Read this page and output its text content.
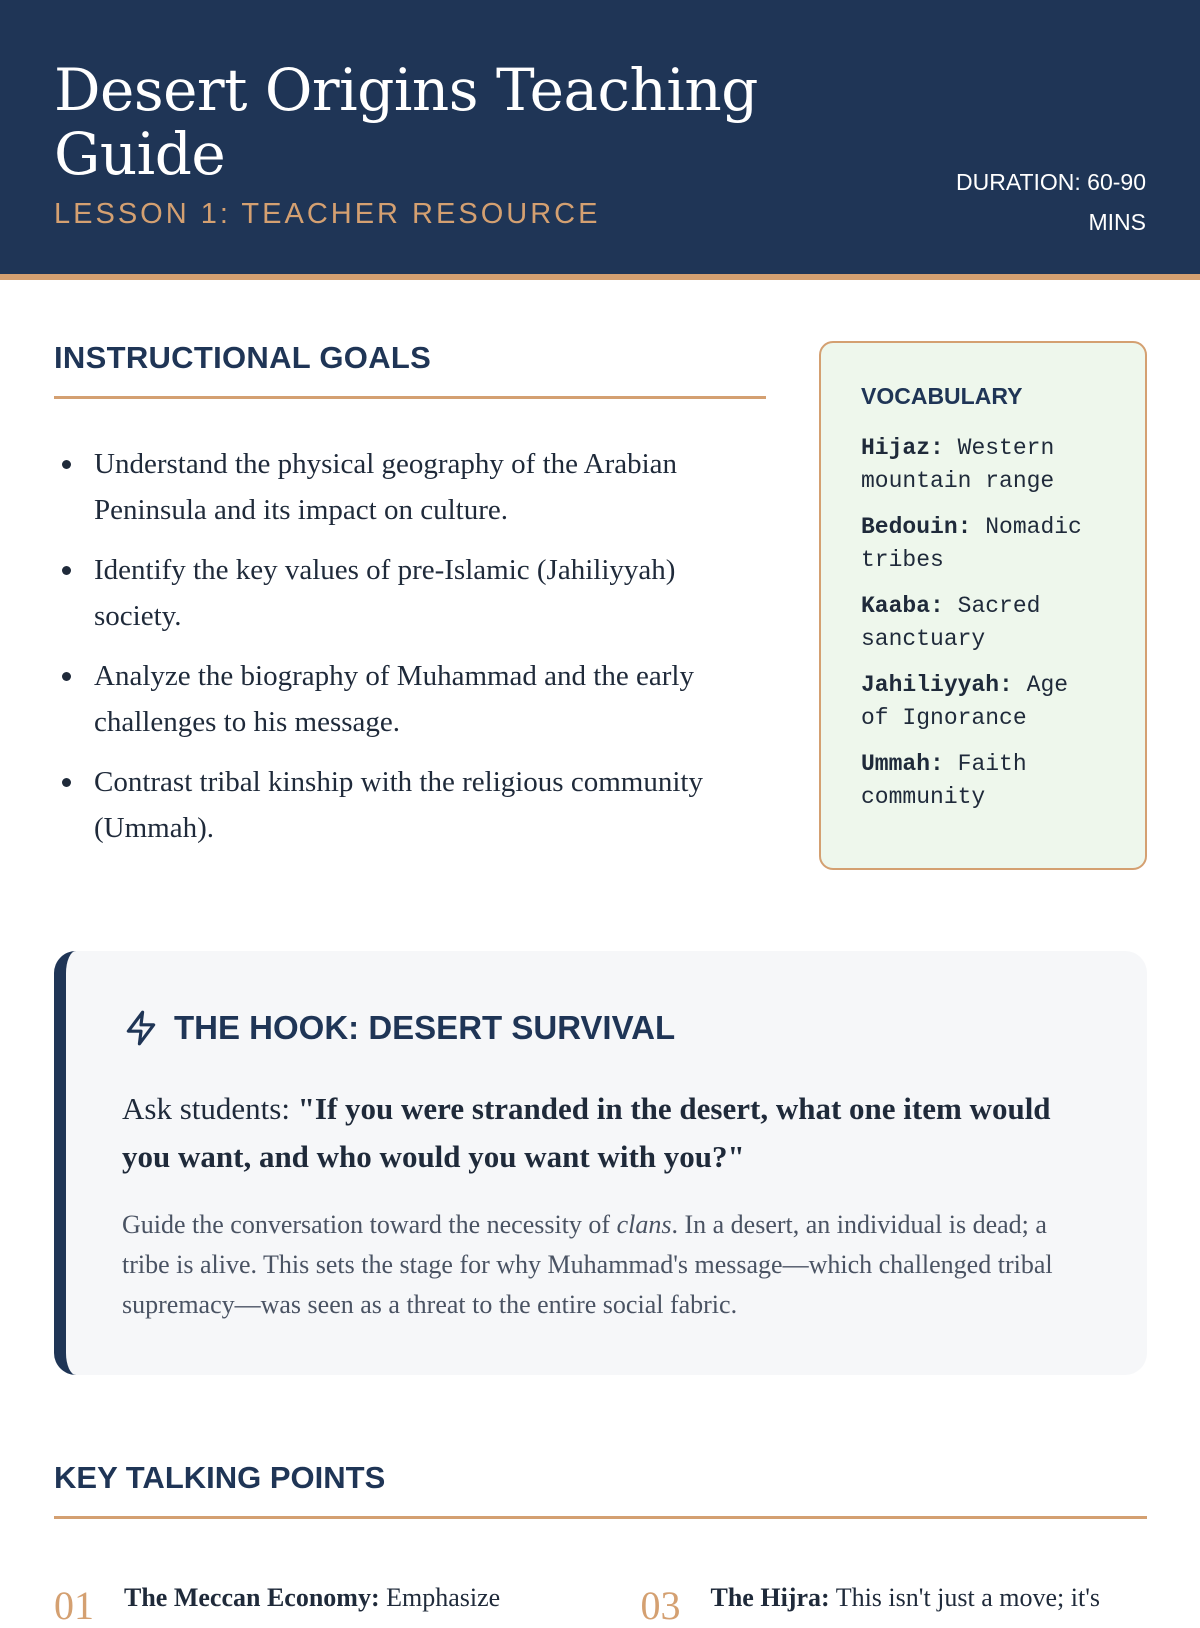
Desert Origins Teaching Guide
LESSON 1: TEACHER RESOURCE
DURATION: 60-90 MINS
INSTRUCTIONAL GOALS
Understand the physical geography of the Arabian Peninsula and its impact on culture.
Identify the key values of pre-Islamic (Jahiliyyah) society.
Analyze the biography of Muhammad and the early challenges to his message.
Contrast tribal kinship with the religious community (Ummah).
VOCABULARY
Hijaz: Western mountain range
Bedouin: Nomadic tribes
Kaaba: Sacred sanctuary
Jahiliyyah: Age of Ignorance
Ummah: Faith community
THE HOOK: DESERT SURVIVAL
Ask students: "If you were stranded in the desert, what one item would you want, and who would you want with you?"
Guide the conversation toward the necessity of clans. In a desert, an individual is dead; a tribe is alive. This sets the stage for why Muhammad's message—which challenged tribal supremacy—was seen as a threat to the entire social fabric.
KEY TALKING POINTS
01 The Meccan Economy: Emphasize	03 The Hijra: This isn't just a move; it's
